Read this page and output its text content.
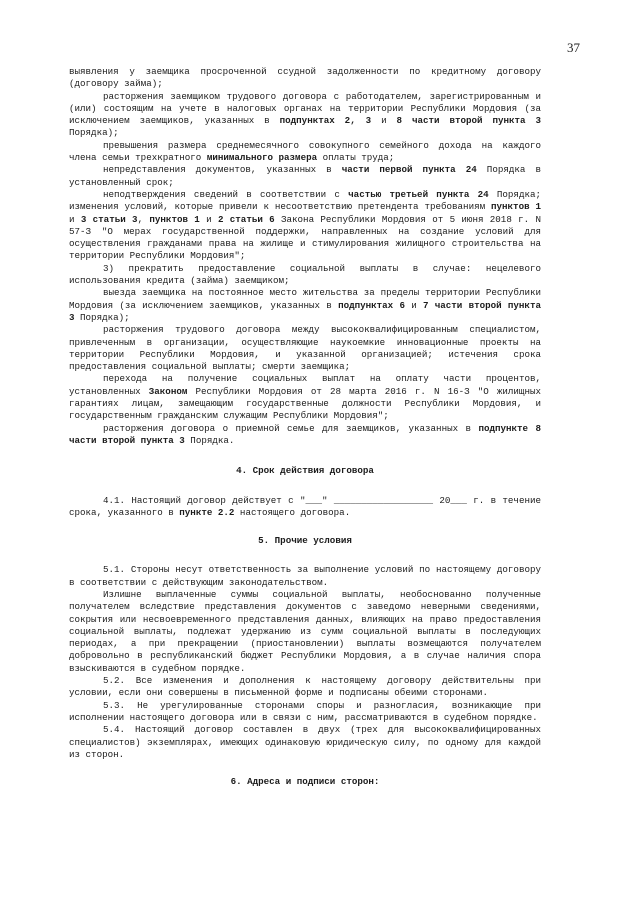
37

выявления у заемщика просроченной ссудной задолженности по кредитному договору (договору займа);

расторжения заемщиком трудового договора с работодателем, зарегистрированным и (или) состоящим на учете в налоговых органах на территории Республики Мордовия (за исключением заемщиков, указанных в подпунктах 2, 3 и 8 части второй пункта 3 Порядка);

превышения размера среднемесячного совокупного семейного дохода на каждого члена семьи трехкратного минимального размера оплаты труда;

непредставления документов, указанных в части первой пункта 24 Порядка в установленный срок;

неподтверждения сведений в соответствии с частью третьей пункта 24 Порядка; изменения условий, которые привели к несоответствию претендента требованиям пунктов 1 и 3 статьи 3, пунктов 1 и 2 статьи 6 Закона Республики Мордовия от 5 июня 2018 г. N 57-З "О мерах государственной поддержки, направленных на создание условий для осуществления гражданами права на жилище и стимулирования жилищного строительства на территории Республики Мордовия";

3) прекратить предоставление социальной выплаты в случае: нецелевого использования кредита (займа) заемщиком;

выезда заемщика на постоянное место жительства за пределы территории Республики Мордовия (за исключением заемщиков, указанных в подпунктах 6 и 7 части второй пункта 3 Порядка);

расторжения трудового договора между высококвалифицированным специалистом, привлеченным в организации, осуществляющие наукоемкие инновационные проекты на территории Республики Мордовия, и указанной организацией; истечения срока предоставления социальной выплаты; смерти заемщика;

перехода на получение социальных выплат на оплату части процентов, установленных Законом Республики Мордовия от 28 марта 2016 г. N 16-З "О жилищных гарантиях лицам, замещающим государственные должности Республики Мордовия, и государственным гражданским служащим Республики Мордовия";

расторжения договора о приемной семье для заемщиков, указанных в подпункте 8 части второй пункта 3 Порядка.

4. Срок действия договора

4.1. Настоящий договор действует с "___" __________________ 20___ г. в течение срока, указанного в пункте 2.2 настоящего договора.

5. Прочие условия

5.1. Стороны несут ответственность за выполнение условий по настоящему договору в соответствии с действующим законодательством.

Излишне выплаченные суммы социальной выплаты, необоснованно полученные получателем вследствие представления документов с заведомо неверными сведениями, сокрытия или несвоевременного представления данных, влияющих на право предоставления социальной выплаты, подлежат удержанию из сумм социальной выплаты в последующих периодах, а при прекращении (приостановлении) выплаты возмещаются получателем добровольно в республиканский бюджет Республики Мордовия, а в случае наличия спора взыскиваются в судебном порядке.

5.2. Все изменения и дополнения к настоящему договору действительны при условии, если они совершены в письменной форме и подписаны обеими сторонами.

5.3. Не урегулированные сторонами споры и разногласия, возникающие при исполнении настоящего договора или в связи с ним, рассматриваются в судебном порядке.

5.4. Настоящий договор составлен в двух (трех для высококвалифицированных специалистов) экземплярах, имеющих одинаковую юридическую силу, по одному для каждой из сторон.

6. Адреса и подписи сторон:
